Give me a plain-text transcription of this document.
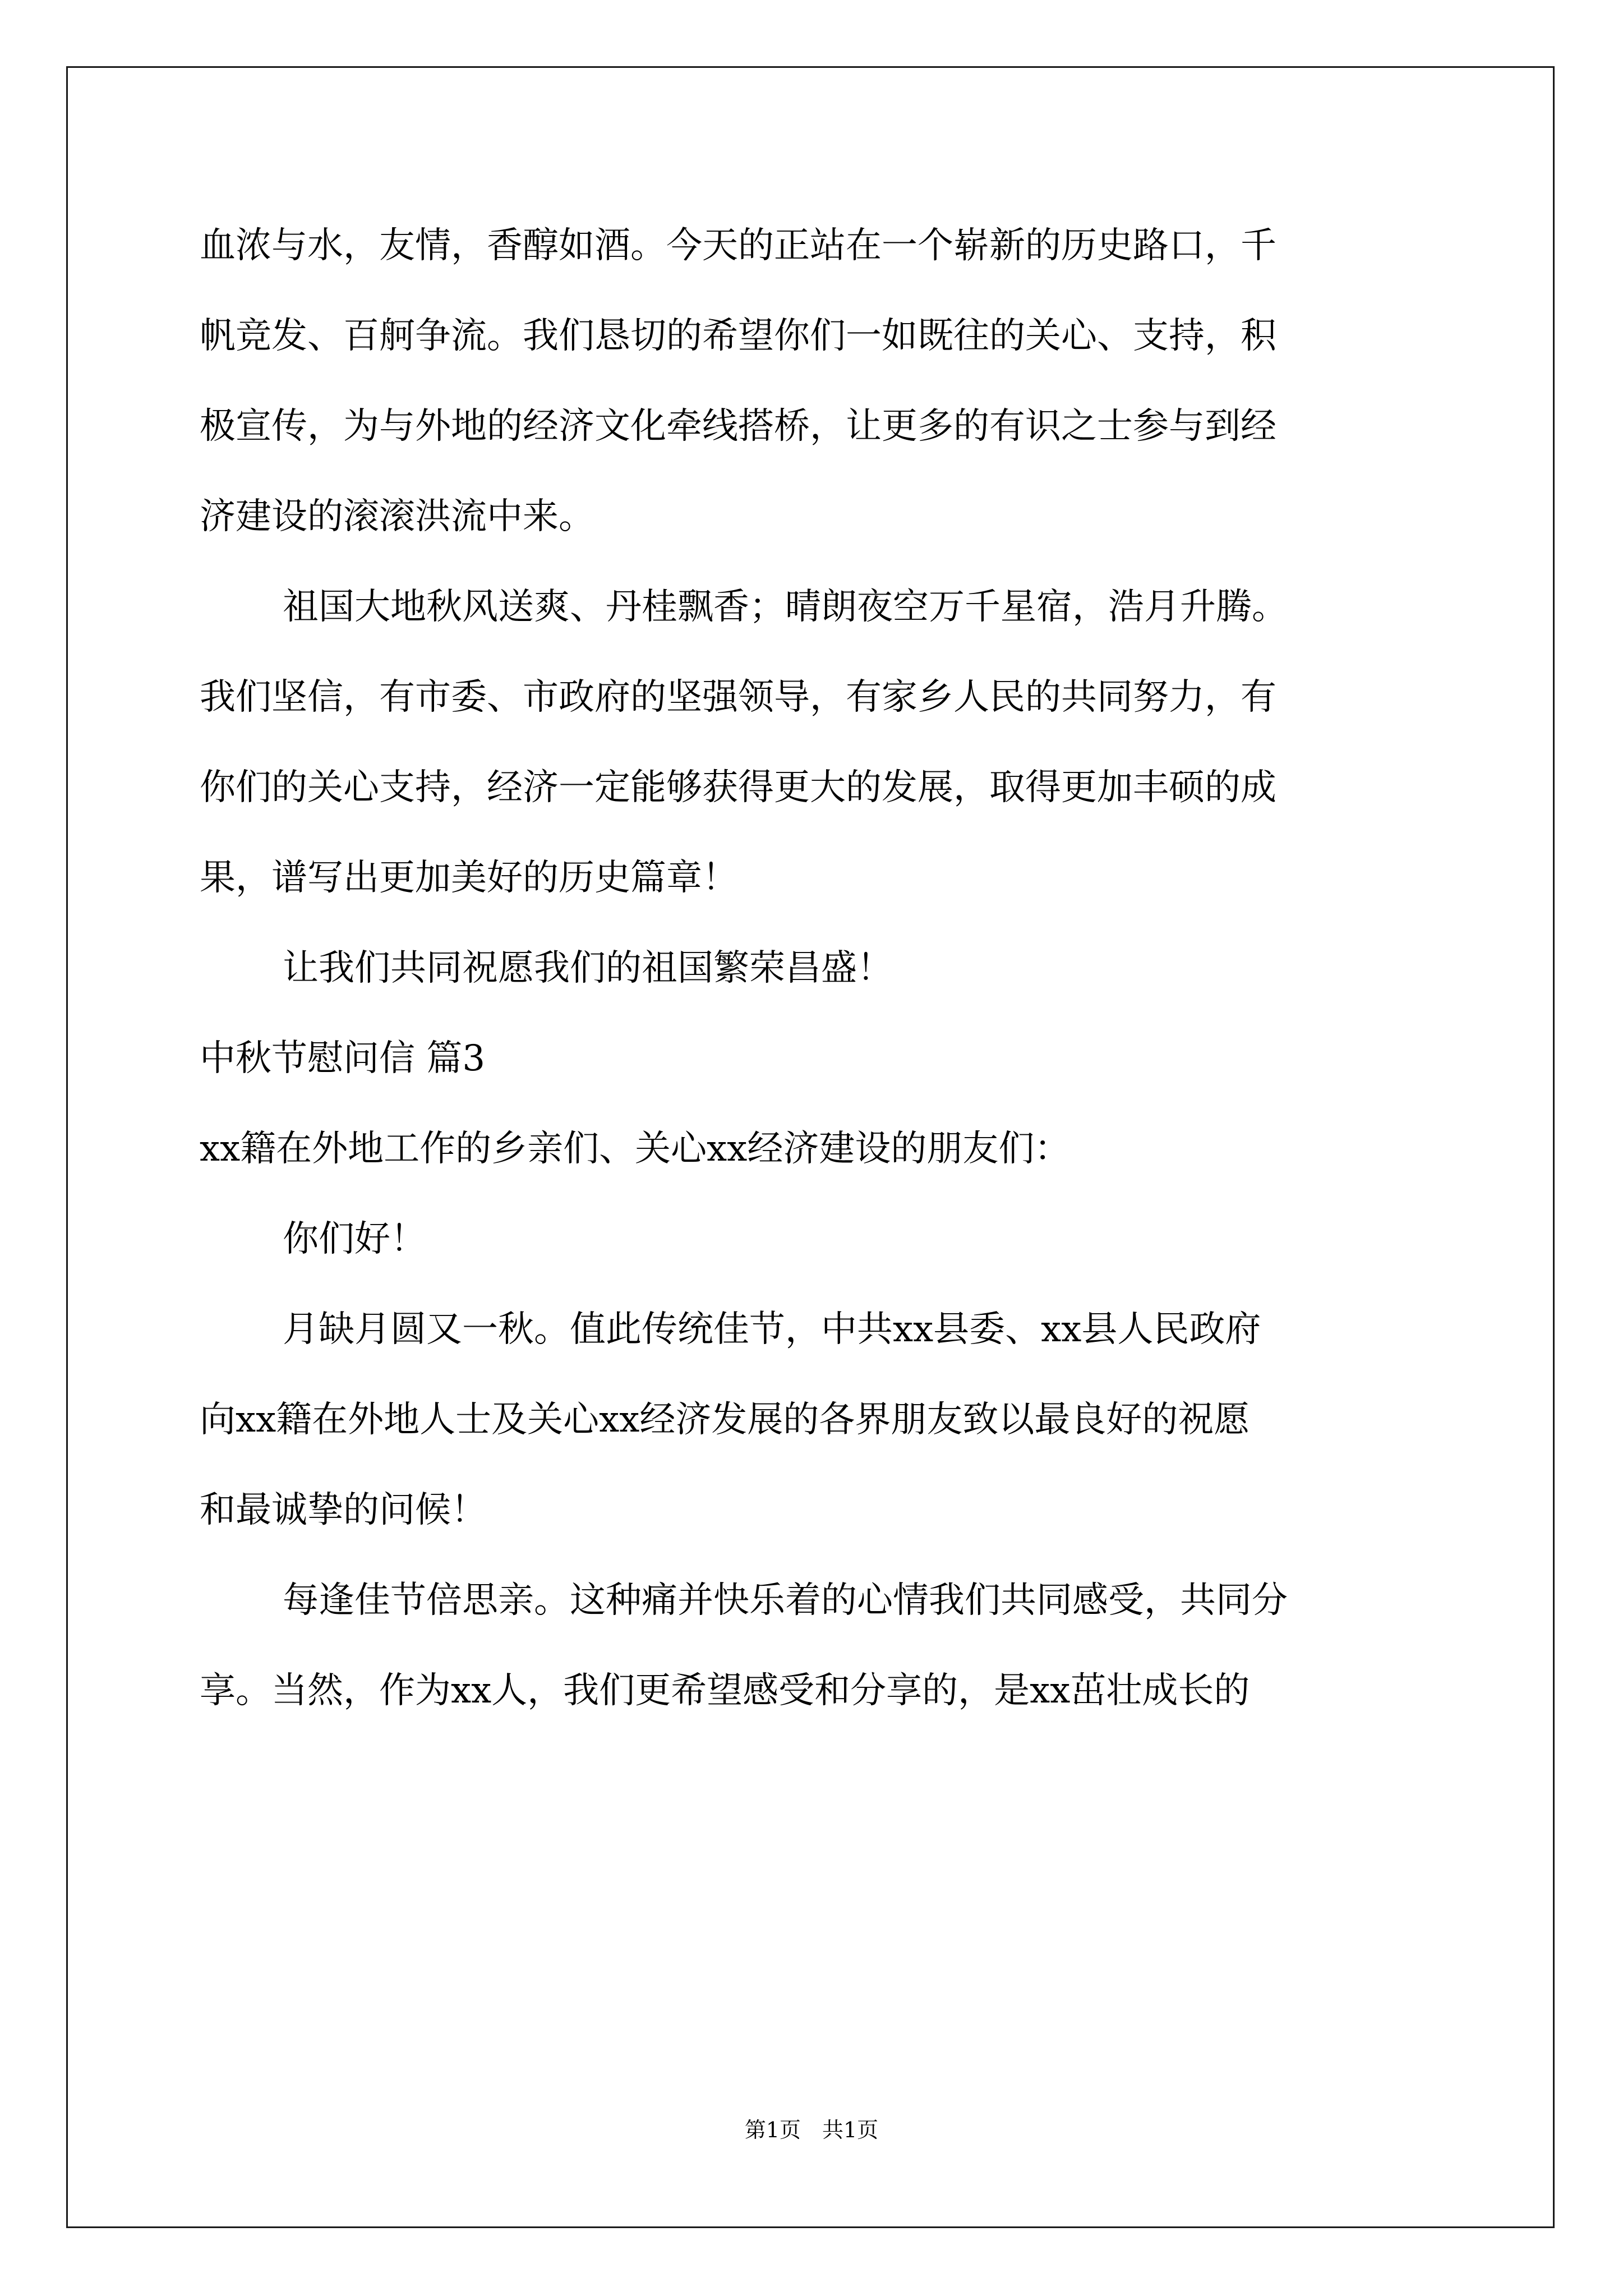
血浓与水，友情，香醇如酒。今天的正站在一个崭新的历史路口，千
帆竞发、百舸争流。我们恳切的希望你们一如既往的关心、支持，积
极宣传，为与外地的经济文化牵线搭桥，让更多的有识之士参与到经
济建设的滚滚洪流中来。
祖国大地秋风送爽、丹桂飘香；晴朗夜空万千星宿，浩月升腾。
我们坚信，有市委、市政府的坚强领导，有家乡人民的共同努力，有
你们的关心支持，经济一定能够获得更大的发展，取得更加丰硕的成
果，谱写出更加美好的历史篇章！
让我们共同祝愿我们的祖国繁荣昌盛！
中秋节慰问信 篇3
xx籍在外地工作的乡亲们、关心xx经济建设的朋友们：
你们好！
月缺月圆又一秋。值此传统佳节，中共xx县委、xx县人民政府
向xx籍在外地人士及关心xx经济发展的各界朋友致以最良好的祝愿
和最诚挚的问候！
每逢佳节倍思亲。这种痛并快乐着的心情我们共同感受，共同分
享。当然，作为xx人，我们更希望感受和分享的，是xx茁壮成长的
第1页　共1页
